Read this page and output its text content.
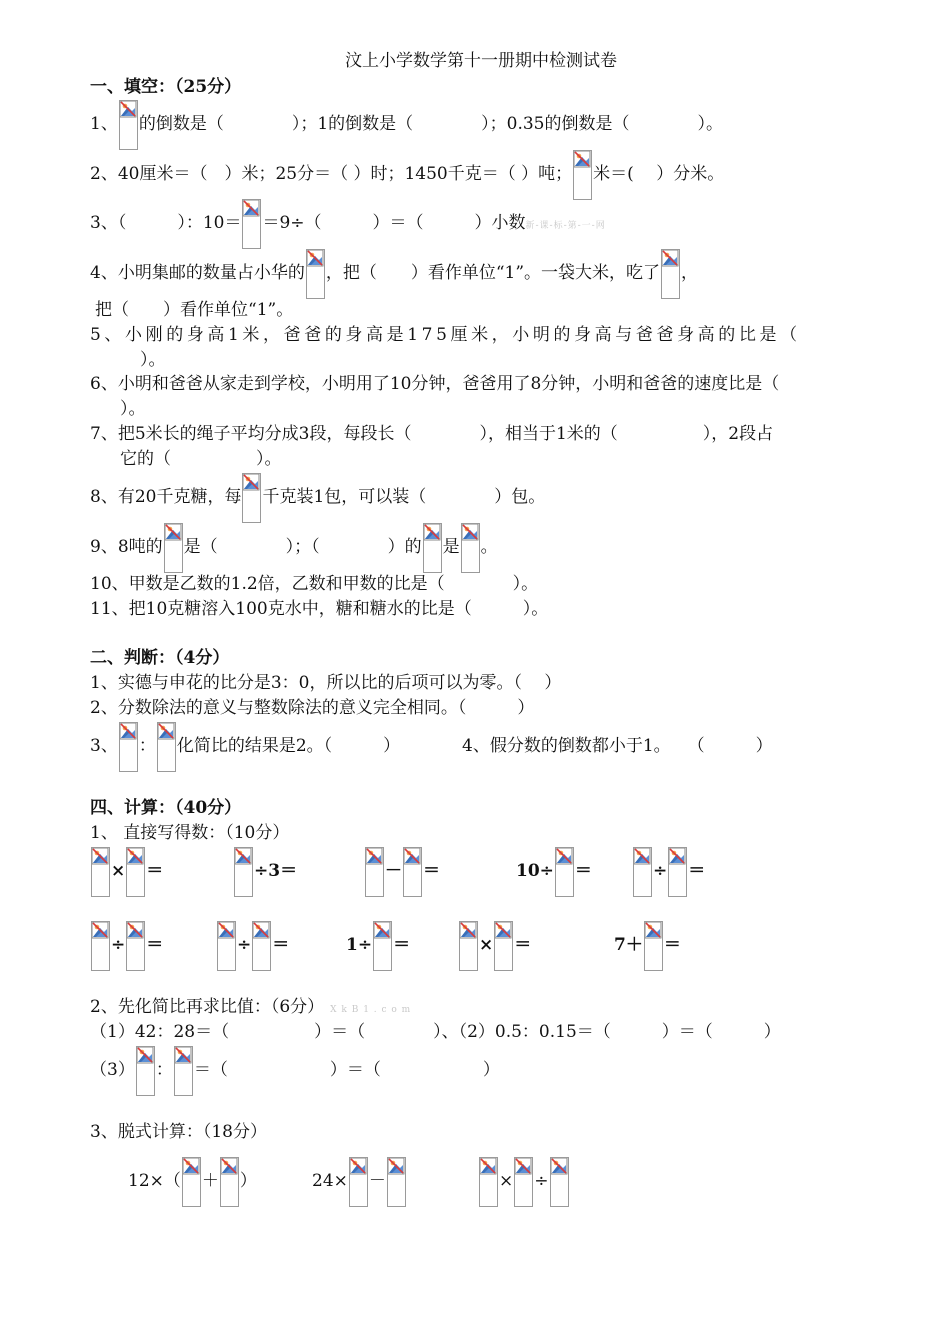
汶上小学数学第十一册期中检测试卷
一、填空：（25分）
1、 的倒数是（　　　　）；1的倒数是（　　　　）；0.35的倒数是（　　　　）。
2、40厘米＝（　）米；25分＝（ ）时；1450千克＝（ ）吨； 米＝(　 ）分米。
3、（　　　）：10＝ ＝9÷（　　　）＝（　　　）小数新-课-标-第-一-网
4、小明集邮的数量占小华的 ，把（　　）看作单位“1”。一袋大米，吃了 ，
把（　　）看作单位“1”。
5、小刚的身高1米，爸爸的身高是175厘米，小明的身高与爸爸身高的比是（
）。
6、小明和爸爸从家走到学校，小明用了10分钟，爸爸用了8分钟，小明和爸爸的速度比是（
）。
7、把5米长的绳子平均分成3段，每段长（　　　　），相当于1米的（　　　　　），2段占
它的（　　　　　）。
8、有20千克糖，每 千克装1包，可以装（　　　　）包。
9、8吨的 是（　　　　）；（　　　　）的 是 。
10、甲数是乙数的1.2倍，乙数和甲数的比是（　　　　）。
11、把10克糖溶入100克水中，糖和糖水的比是（　　　）。
二、判断：（4分）
1、实德与申花的比分是3：0，所以比的后项可以为零。（　 ）
2、分数除法的意义与整数除法的意义完全相同。（　　　）
3、 ： 化简比的结果是2。（　　　）	4、假分数的倒数都小于1。　　（　　　）
四、计算：（40分）
1、 直接写得数：（10分）
× ＝	÷3＝	－ ＝	10÷ ＝	÷ ＝
÷ ＝	÷ ＝	1÷ ＝	× ＝	7＋ ＝
2、先化简比再求比值：（6分） X k B 1 . c o m
（1）42：28＝（　　　　　）＝（　　　　）、（2）0.5：0.15＝（　　　）＝（　　　）
（3） ： ＝（　　　　　　）＝（　　　　　　）
3、脱式计算：（18分）
12×（ ＋ ）	24× －	× ÷
